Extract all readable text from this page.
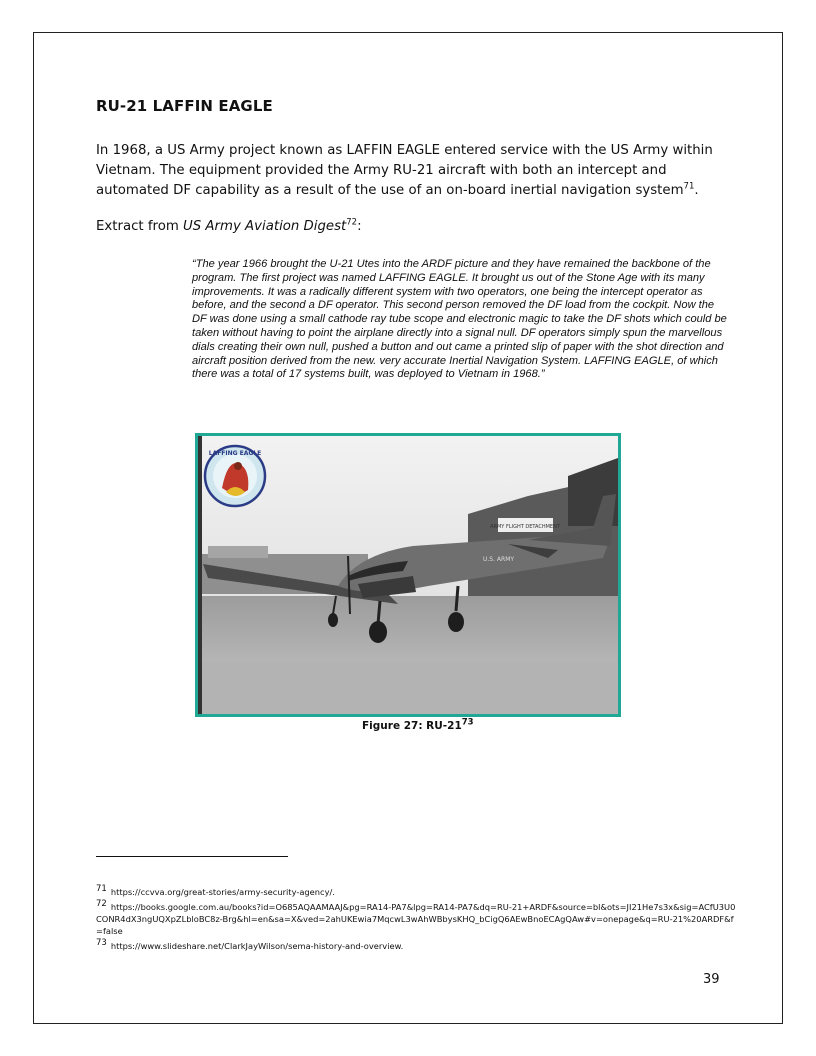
RU-21 LAFFIN EAGLE
In 1968, a US Army project known as LAFFIN EAGLE entered service with the US Army within Vietnam. The equipment provided the Army RU-21 aircraft with both an intercept and automated DF capability as a result of the use of an on-board inertial navigation system$^{71}$.
Extract from US Army Aviation Digest$^{72}$:
“The year 1966 brought the U-21 Utes into the ARDF picture and they have remained the backbone of the program. The first project was named LAFFING EAGLE. It brought us out of the Stone Age with its many improvements. It was a radically different system with two operators, one being the intercept operator as before, and the second a DF operator. This second person removed the DF load from the cockpit. Now the DF was done using a small cathode ray tube scope and electronic magic to take the DF shots which could be taken without having to point the airplane directly into a signal null. DF operators simply spun the marvellous dials creating their own null, pushed a button and out came a printed slip of paper with the shot direction and aircraft position derived from the new. very accurate Inertial Navigation System. LAFFING EAGLE, of which there was a total of 17 systems built, was deployed to Vietnam in 1968.”
ARMY FLIGHT DETACHMENT
U.S. ARMY
LAFFING EAGLE
Figure 27: $RU-21^{73}$
$^{71}$ https://ccvva.org/great-stories/army-security-agency/.
$^{72}$ https://books.google.com.au/books?id=O685AQAAMAAJ&pg=RA14-PA7&lpg=RA14-PA7&dq=RU-21+ARDF&source=bl&ots=JI21He7s3x&sig=ACfU3U0CONR4dX3ngUQXpZLbloBC8z-Brg&hl=en&sa=X&ved=2ahUKEwia7MqcwL3wAhWBbysKHQ_bCigQ6AEwBnoECAgQAw#v=onepage&q=RU-21%20ARDF&f=false
$^{73}$ https://www.slideshare.net/ClarkJayWilson/sema-history-and-overview.
39
